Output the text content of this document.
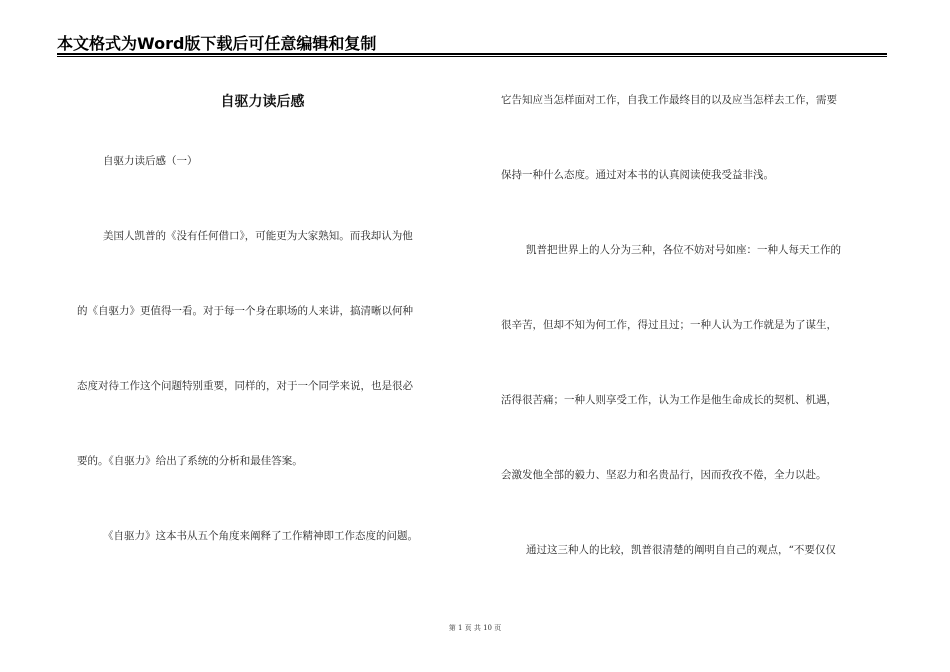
本文格式为Word版下载后可任意编辑和复制
自驱力读后感
自驱力读后感（一）
美国人凯普的《没有任何借口》，可能更为大家熟知。而我却认为他
的《自驱力》更值得一看。对于每一个身在职场的人来讲，搞清晰以何种
态度对待工作这个问题特别重要，同样的，对于一个同学来说，也是很必
要的。《自驱力》给出了系统的分析和最佳答案。
《自驱力》这本书从五个角度来阐释了工作精神即工作态度的问题。
它告知应当怎样面对工作，自我工作最终目的以及应当怎样去工作，需要
保持一种什么态度。通过对本书的认真阅读使我受益非浅。
凯普把世界上的人分为三种，各位不妨对号如座：一种人每天工作的
很辛苦，但却不知为何工作，得过且过；一种人认为工作就是为了谋生，
活得很苦痛；一种人则享受工作，认为工作是他生命成长的契机、机遇，
会激发他全部的毅力、坚忍力和名贵品行，因而孜孜不倦，全力以赴。
通过这三种人的比较，凯普很清楚的阐明自自己的观点，“不要仅仅
第 1 页 共 10 页
